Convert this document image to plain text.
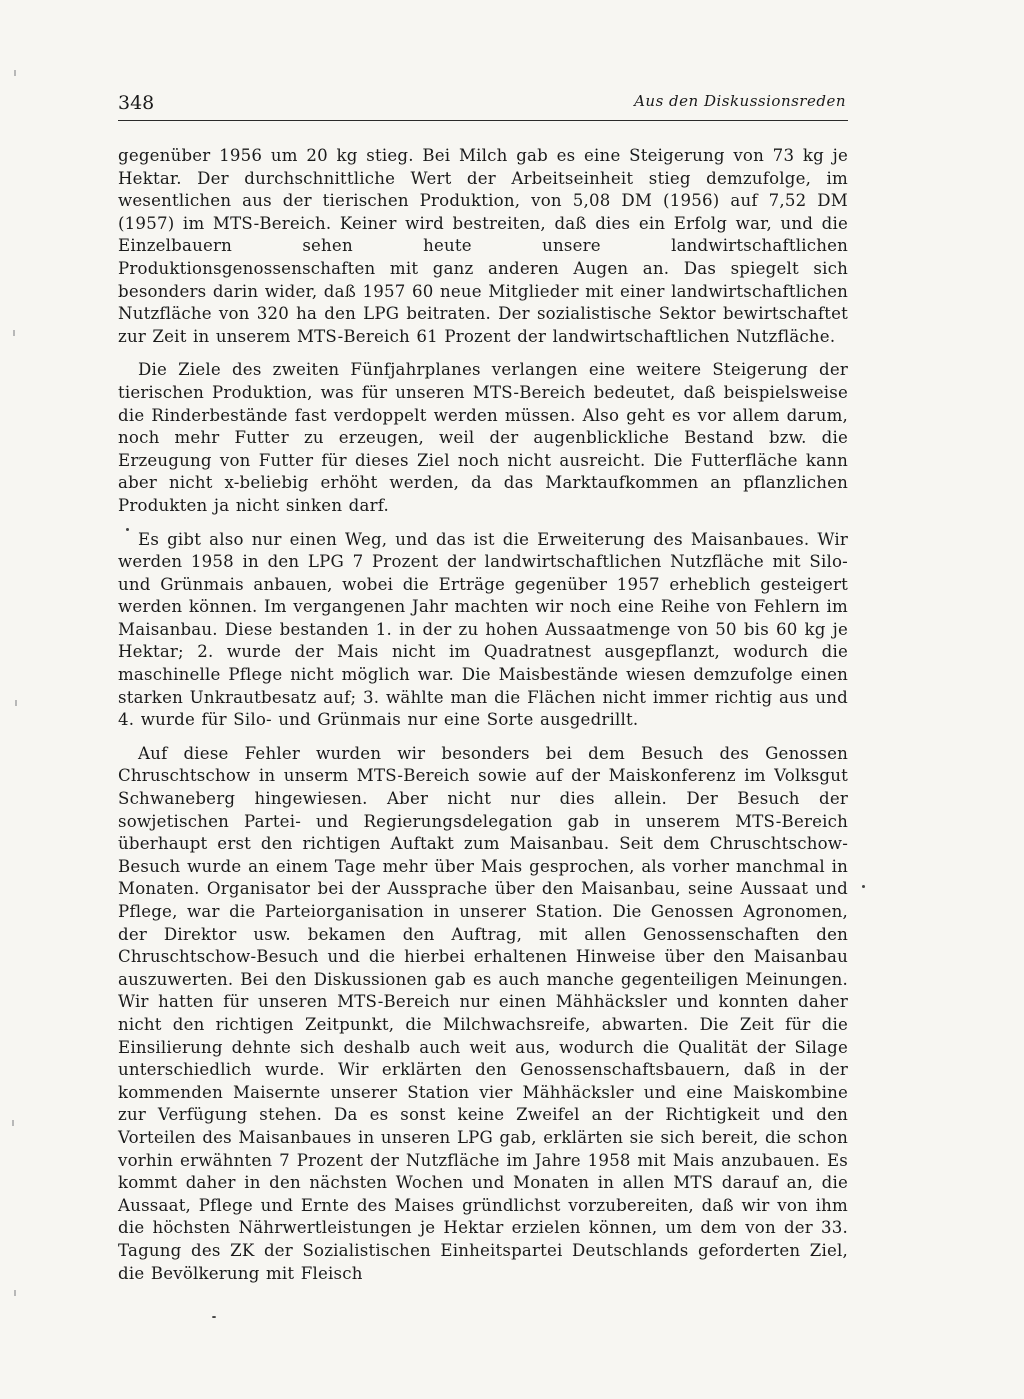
348	Aus den Diskussionsreden

gegenüber 1956 um 20 kg stieg. Bei Milch gab es eine Steigerung von 73 kg je Hektar. Der durchschnittliche Wert der Arbeitseinheit stieg demzufolge, im wesentlichen aus der tierischen Produktion, von 5,08 DM (1956) auf 7,52 DM (1957) im MTS-Bereich. Keiner wird bestreiten, daß dies ein Erfolg war, und die Einzelbauern sehen heute unsere landwirtschaftlichen Produktionsgenossenschaften mit ganz anderen Augen an. Das spiegelt sich besonders darin wider, daß 1957 60 neue Mitglieder mit einer landwirtschaftlichen Nutzfläche von 320 ha den LPG beitraten. Der sozialistische Sektor bewirtschaftet zur Zeit in unserem MTS-Bereich 61 Prozent der landwirtschaftlichen Nutzfläche.

Die Ziele des zweiten Fünfjahrplanes verlangen eine weitere Steigerung der tierischen Produktion, was für unseren MTS-Bereich bedeutet, daß beispielsweise die Rinderbestände fast verdoppelt werden müssen. Also geht es vor allem darum, noch mehr Futter zu erzeugen, weil der augenblickliche Bestand bzw. die Erzeugung von Futter für dieses Ziel noch nicht ausreicht. Die Futterfläche kann aber nicht x-beliebig erhöht werden, da das Marktaufkommen an pflanzlichen Produkten ja nicht sinken darf.

Es gibt also nur einen Weg, und das ist die Erweiterung des Maisanbaues. Wir werden 1958 in den LPG 7 Prozent der landwirtschaftlichen Nutzfläche mit Silo- und Grünmais anbauen, wobei die Erträge gegenüber 1957 erheblich gesteigert werden können. Im vergangenen Jahr machten wir noch eine Reihe von Fehlern im Maisanbau. Diese bestanden 1. in der zu hohen Aussaatmenge von 50 bis 60 kg je Hektar; 2. wurde der Mais nicht im Quadratnest ausgepflanzt, wodurch die maschinelle Pflege nicht möglich war. Die Maisbestände wiesen demzufolge einen starken Unkrautbesatz auf; 3. wählte man die Flächen nicht immer richtig aus und 4. wurde für Silo- und Grünmais nur eine Sorte ausgedrillt.

Auf diese Fehler wurden wir besonders bei dem Besuch des Genossen Chruschtschow in unserm MTS-Bereich sowie auf der Maiskonferenz im Volksgut Schwaneberg hingewiesen. Aber nicht nur dies allein. Der Besuch der sowjetischen Partei- und Regierungsdelegation gab in unserem MTS-Bereich überhaupt erst den richtigen Auftakt zum Maisanbau. Seit dem Chruschtschow-Besuch wurde an einem Tage mehr über Mais gesprochen, als vorher manchmal in Monaten. Organisator bei der Aussprache über den Maisanbau, seine Aussaat und Pflege, war die Parteiorganisation in unserer Station. Die Genossen Agronomen, der Direktor usw. bekamen den Auftrag, mit allen Genossenschaften den Chruschtschow-Besuch und die hierbei erhaltenen Hinweise über den Maisanbau auszuwerten. Bei den Diskussionen gab es auch manche gegenteiligen Meinungen. Wir hatten für unseren MTS-Bereich nur einen Mähhäcksler und konnten daher nicht den richtigen Zeitpunkt, die Milchwachsreife, abwarten. Die Zeit für die Einsilierung dehnte sich deshalb auch weit aus, wodurch die Qualität der Silage unterschiedlich wurde. Wir erklärten den Genossenschaftsbauern, daß in der kommenden Maisernte unserer Station vier Mähhäcksler und eine Maiskombine zur Verfügung stehen. Da es sonst keine Zweifel an der Richtigkeit und den Vorteilen des Maisanbaues in unseren LPG gab, erklärten sie sich bereit, die schon vorhin erwähnten 7 Prozent der Nutzfläche im Jahre 1958 mit Mais anzubauen. Es kommt daher in den nächsten Wochen und Monaten in allen MTS darauf an, die Aussaat, Pflege und Ernte des Maises gründlichst vorzubereiten, daß wir von ihm die höchsten Nährwertleistungen je Hektar erzielen können, um dem von der 33. Tagung des ZK der Sozialistischen Einheitspartei Deutschlands geforderten Ziel, die Bevölkerung mit Fleisch
